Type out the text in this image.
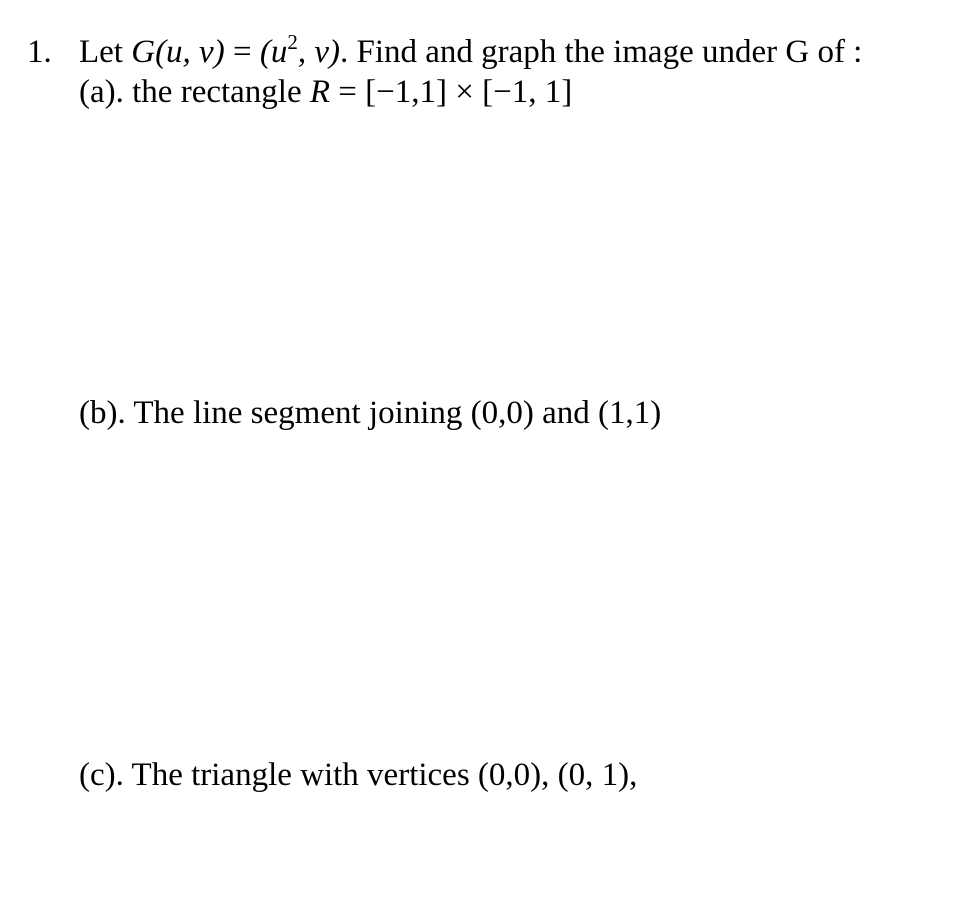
1. Let G(u, $v) = (u^2$, v). Find and graph the image under G of :
(a). the rectangle R = [−1,1] × [−1, 1]
(b). The line segment joining (0,0) and (1,1)
(c). The triangle with vertices (0,0), (0, 1),
